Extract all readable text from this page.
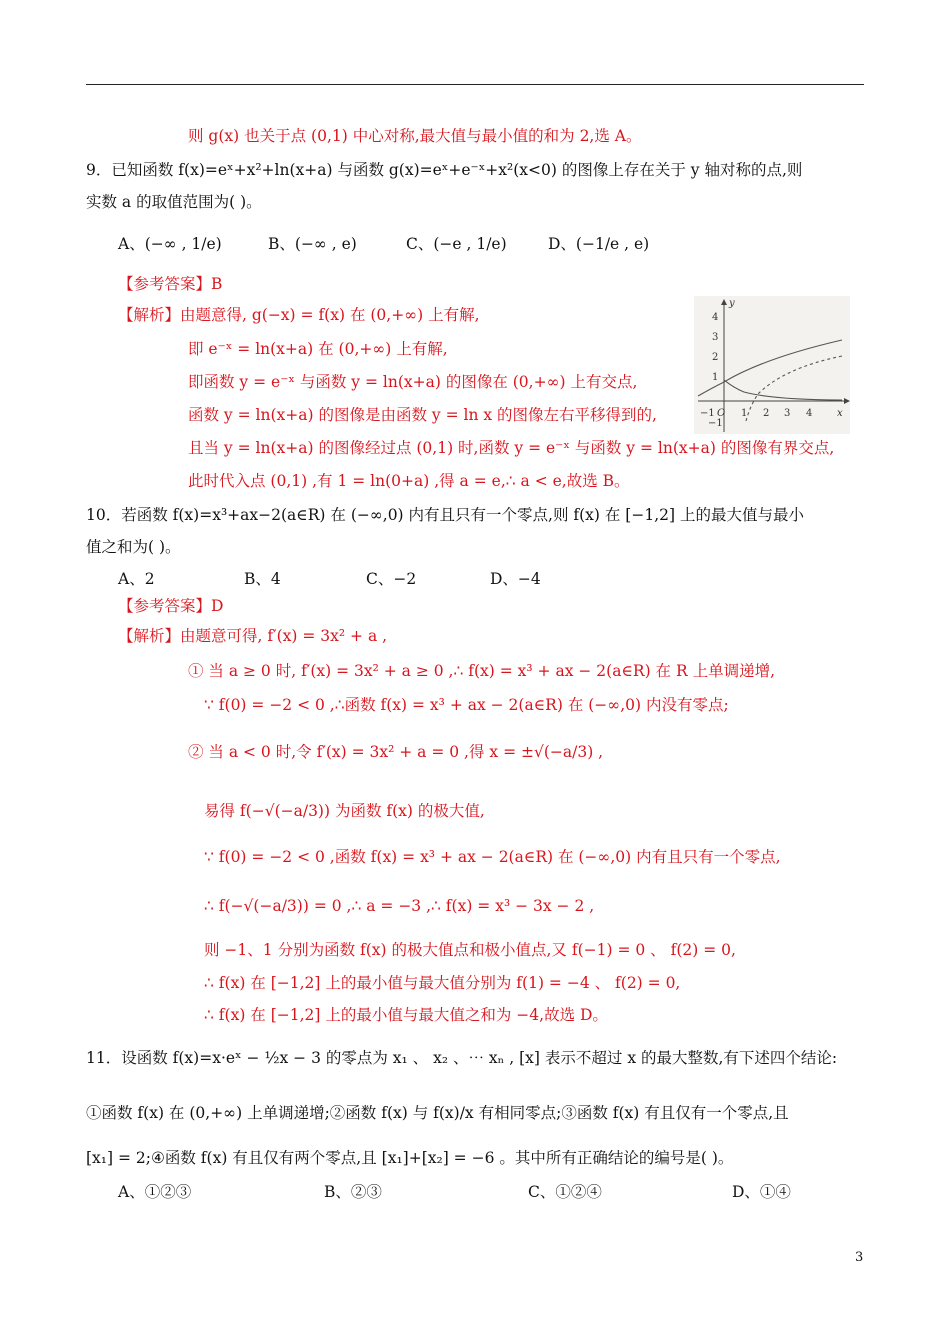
则 g(x) 也关于点 (0,1) 中心对称,最大值与最小值的和为 2,选 A。
9．已知函数 f(x)=eˣ+x²+ln(x+a) 与函数 g(x)=eˣ+e⁻ˣ+x²(x<0) 的图像上存在关于 y 轴对称的点,则
实数 a 的取值范围为( )。
A、(−∞ , 1/e)	B、(−∞ , e)	C、(−e , 1/e)	D、(−1/e , e)
【参考答案】B
【解析】由题意得, g(−x) = f(x) 在 (0,+∞) 上有解,
即 e⁻ˣ = ln(x+a) 在 (0,+∞) 上有解,
即函数 y = e⁻ˣ 与函数 y = ln(x+a) 的图像在 (0,+∞) 上有交点,
函数 y = ln(x+a) 的图像是由函数 y = ln x 的图像左右平移得到的,
且当 y = ln(x+a) 的图像经过点 (0,1) 时,函数 y = e⁻ˣ 与函数 y = ln(x+a) 的图像有界交点,
此时代入点 (0,1) ,有 1 = ln(0+a) ,得 a = e,∴ a < e,故选 B。
y
x
4
3
2
1
−1
−1 O 1 2 3 4
10．若函数 f(x)=x³+ax−2(a∈R) 在 (−∞,0) 内有且只有一个零点,则 f(x) 在 [−1,2] 上的最大值与最小
值之和为( )。
A、2	B、4	C、−2	D、−4
【参考答案】D
【解析】由题意可得, f′(x) = 3x² + a ,
① 当 a ≥ 0 时, f′(x) = 3x² + a ≥ 0 ,∴ f(x) = x³ + ax − 2(a∈R) 在 R 上单调递增,
∵ f(0) = −2 < 0 ,∴函数 f(x) = x³ + ax − 2(a∈R) 在 (−∞,0) 内没有零点;
② 当 a < 0 时,令 f′(x) = 3x² + a = 0 ,得 x = ±√(−a/3) ,
易得 f(−√(−a/3)) 为函数 f(x) 的极大值,
∵ f(0) = −2 < 0 ,函数 f(x) = x³ + ax − 2(a∈R) 在 (−∞,0) 内有且只有一个零点,
∴ f(−√(−a/3)) = 0 ,∴ a = −3 ,∴ f(x) = x³ − 3x − 2 ,
则 −1、1 分别为函数 f(x) 的极大值点和极小值点,又 f(−1) = 0 、 f(2) = 0,
∴ f(x) 在 [−1,2] 上的最小值与最大值分别为 f(1) = −4 、 f(2) = 0,
∴ f(x) 在 [−1,2] 上的最小值与最大值之和为 −4,故选 D。
11．设函数 f(x)=x·eˣ − ½x − 3 的零点为 x₁ 、 x₂ 、⋯ xₙ , [x] 表示不超过 x 的最大整数,有下述四个结论:
①函数 f(x) 在 (0,+∞) 上单调递增;②函数 f(x) 与 f(x)/x 有相同零点;③函数 f(x) 有且仅有一个零点,且
[x₁] = 2;④函数 f(x) 有且仅有两个零点,且 [x₁]+[x₂] = −6 。其中所有正确结论的编号是( )。
A、①②③	B、②③	C、①②④	D、①④
3
